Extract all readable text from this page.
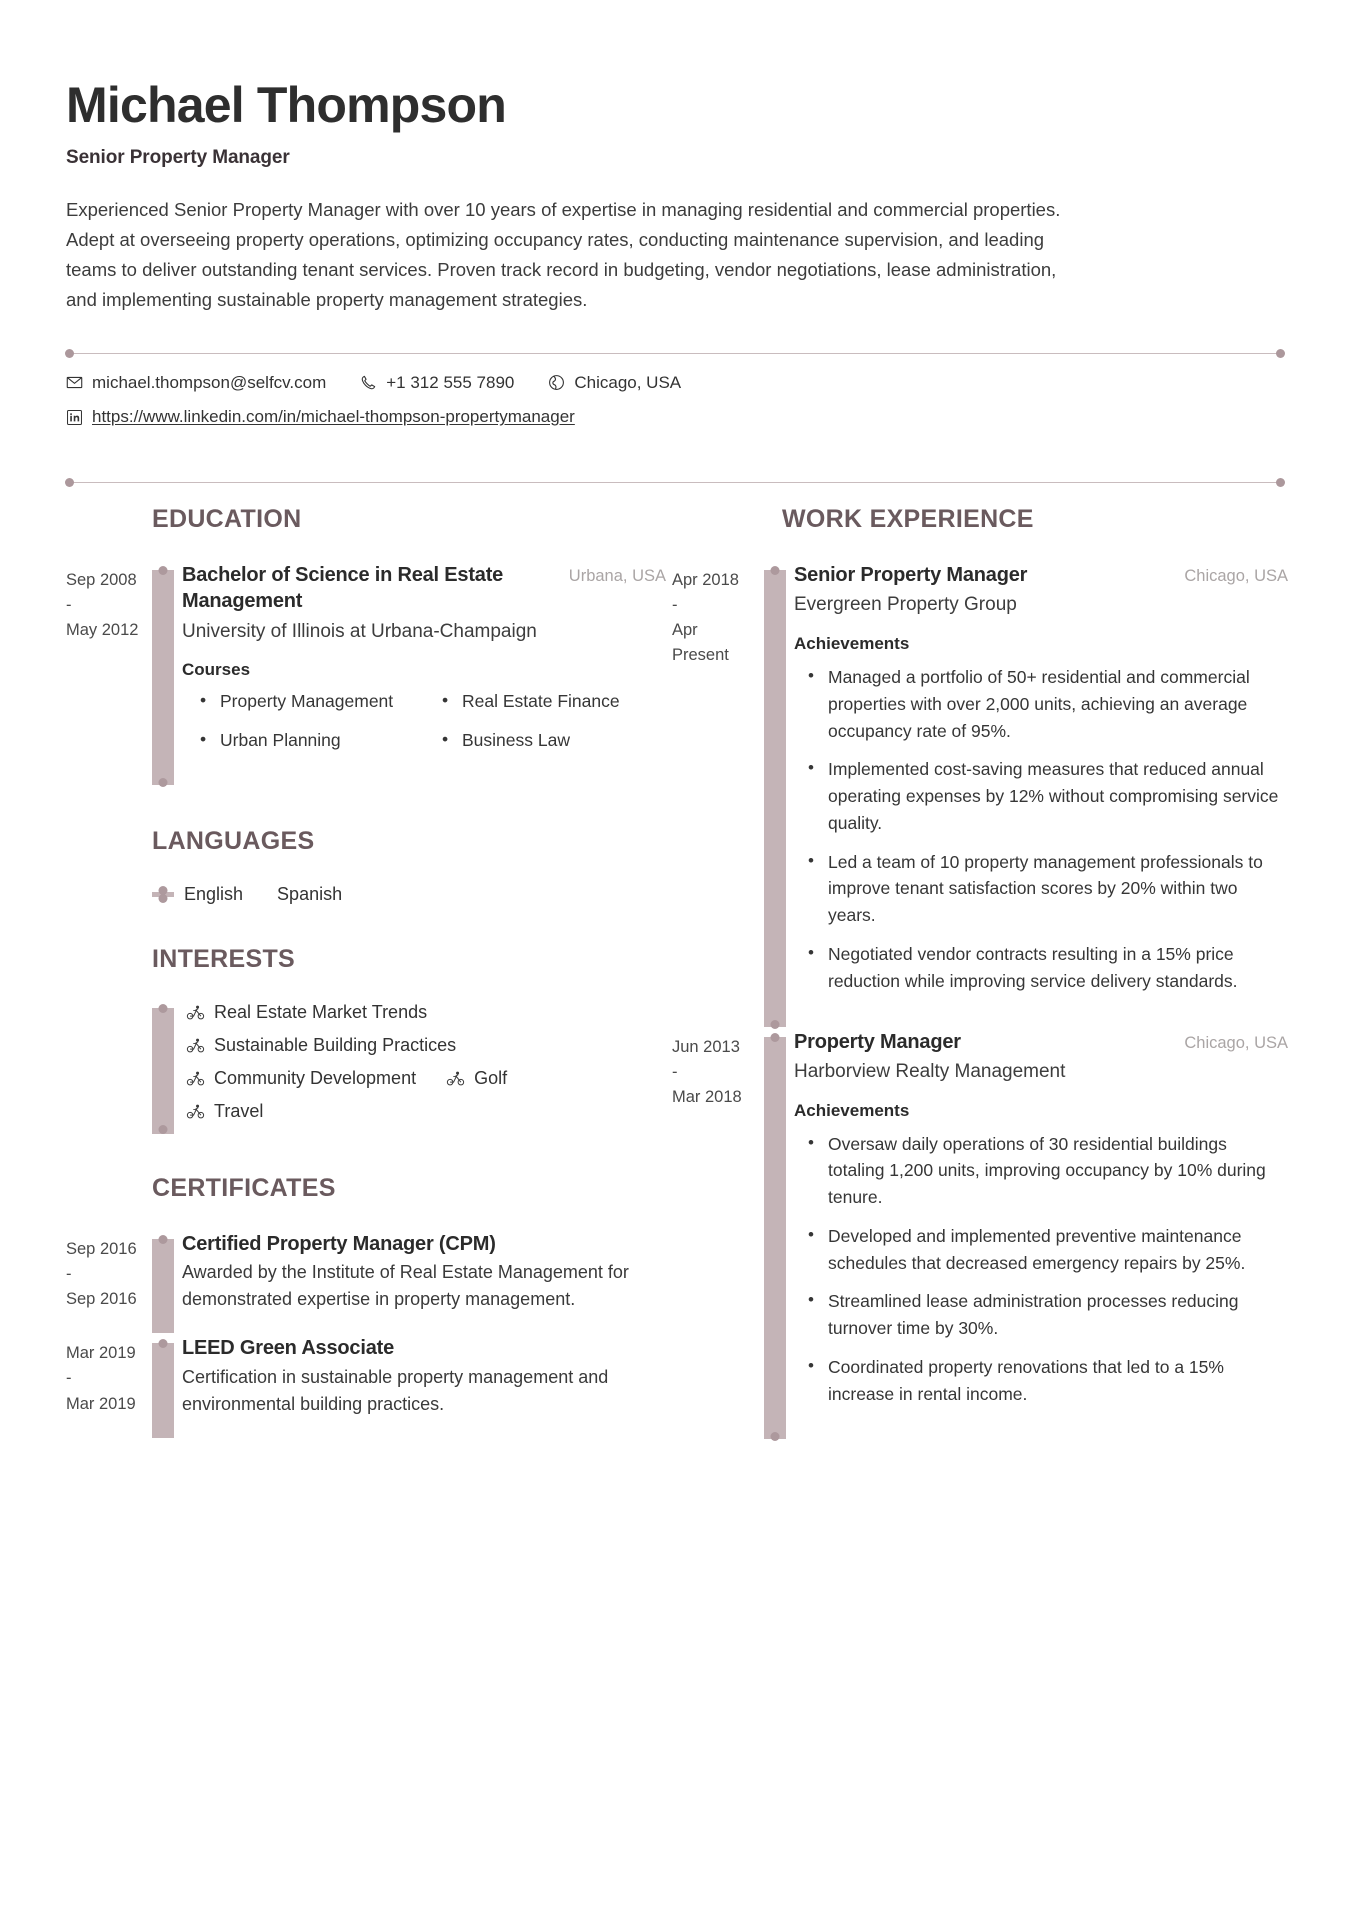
Michael Thompson
Senior Property Manager
Experienced Senior Property Manager with over 10 years of expertise in managing residential and commercial properties. Adept at overseeing property operations, optimizing occupancy rates, conducting maintenance supervision, and leading teams to deliver outstanding tenant services. Proven track record in budgeting, vendor negotiations, lease administration, and implementing sustainable property management strategies.
michael.thompson@selfcv.com	+1 312 555 7890	Chicago, USA
https://www.linkedin.com/in/michael-thompson-propertymanager
EDUCATION
Sep 2008
-
May 2012
Bachelor of Science in Real Estate Management
Urbana, USA
University of Illinois at Urbana-Champaign
Courses
• Property Management	• Real Estate Finance
• Urban Planning	• Business Law
LANGUAGES
English Spanish
INTERESTS
Real Estate Market Trends
Sustainable Building Practices
Community Development	Golf
Travel
CERTIFICATES
Sep 2016
-
Sep 2016
Certified Property Manager (CPM)
Awarded by the Institute of Real Estate Management for demonstrated expertise in property management.
Mar 2019
-
Mar 2019
LEED Green Associate
Certification in sustainable property management and environmental building practices.
WORK EXPERIENCE
Apr 2018
-
Apr
Present
Senior Property Manager	Chicago, USA
Evergreen Property Group
Achievements
• Managed a portfolio of 50+ residential and commercial properties with over 2,000 units, achieving an average occupancy rate of 95%.
• Implemented cost-saving measures that reduced annual operating expenses by 12% without compromising service quality.
• Led a team of 10 property management professionals to improve tenant satisfaction scores by 20% within two years.
• Negotiated vendor contracts resulting in a 15% price reduction while improving service delivery standards.
Jun 2013
-
Mar 2018
Property Manager	Chicago, USA
Harborview Realty Management
Achievements
• Oversaw daily operations of 30 residential buildings totaling 1,200 units, improving occupancy by 10% during tenure.
• Developed and implemented preventive maintenance schedules that decreased emergency repairs by 25%.
• Streamlined lease administration processes reducing turnover time by 30%.
• Coordinated property renovations that led to a 15% increase in rental income.
